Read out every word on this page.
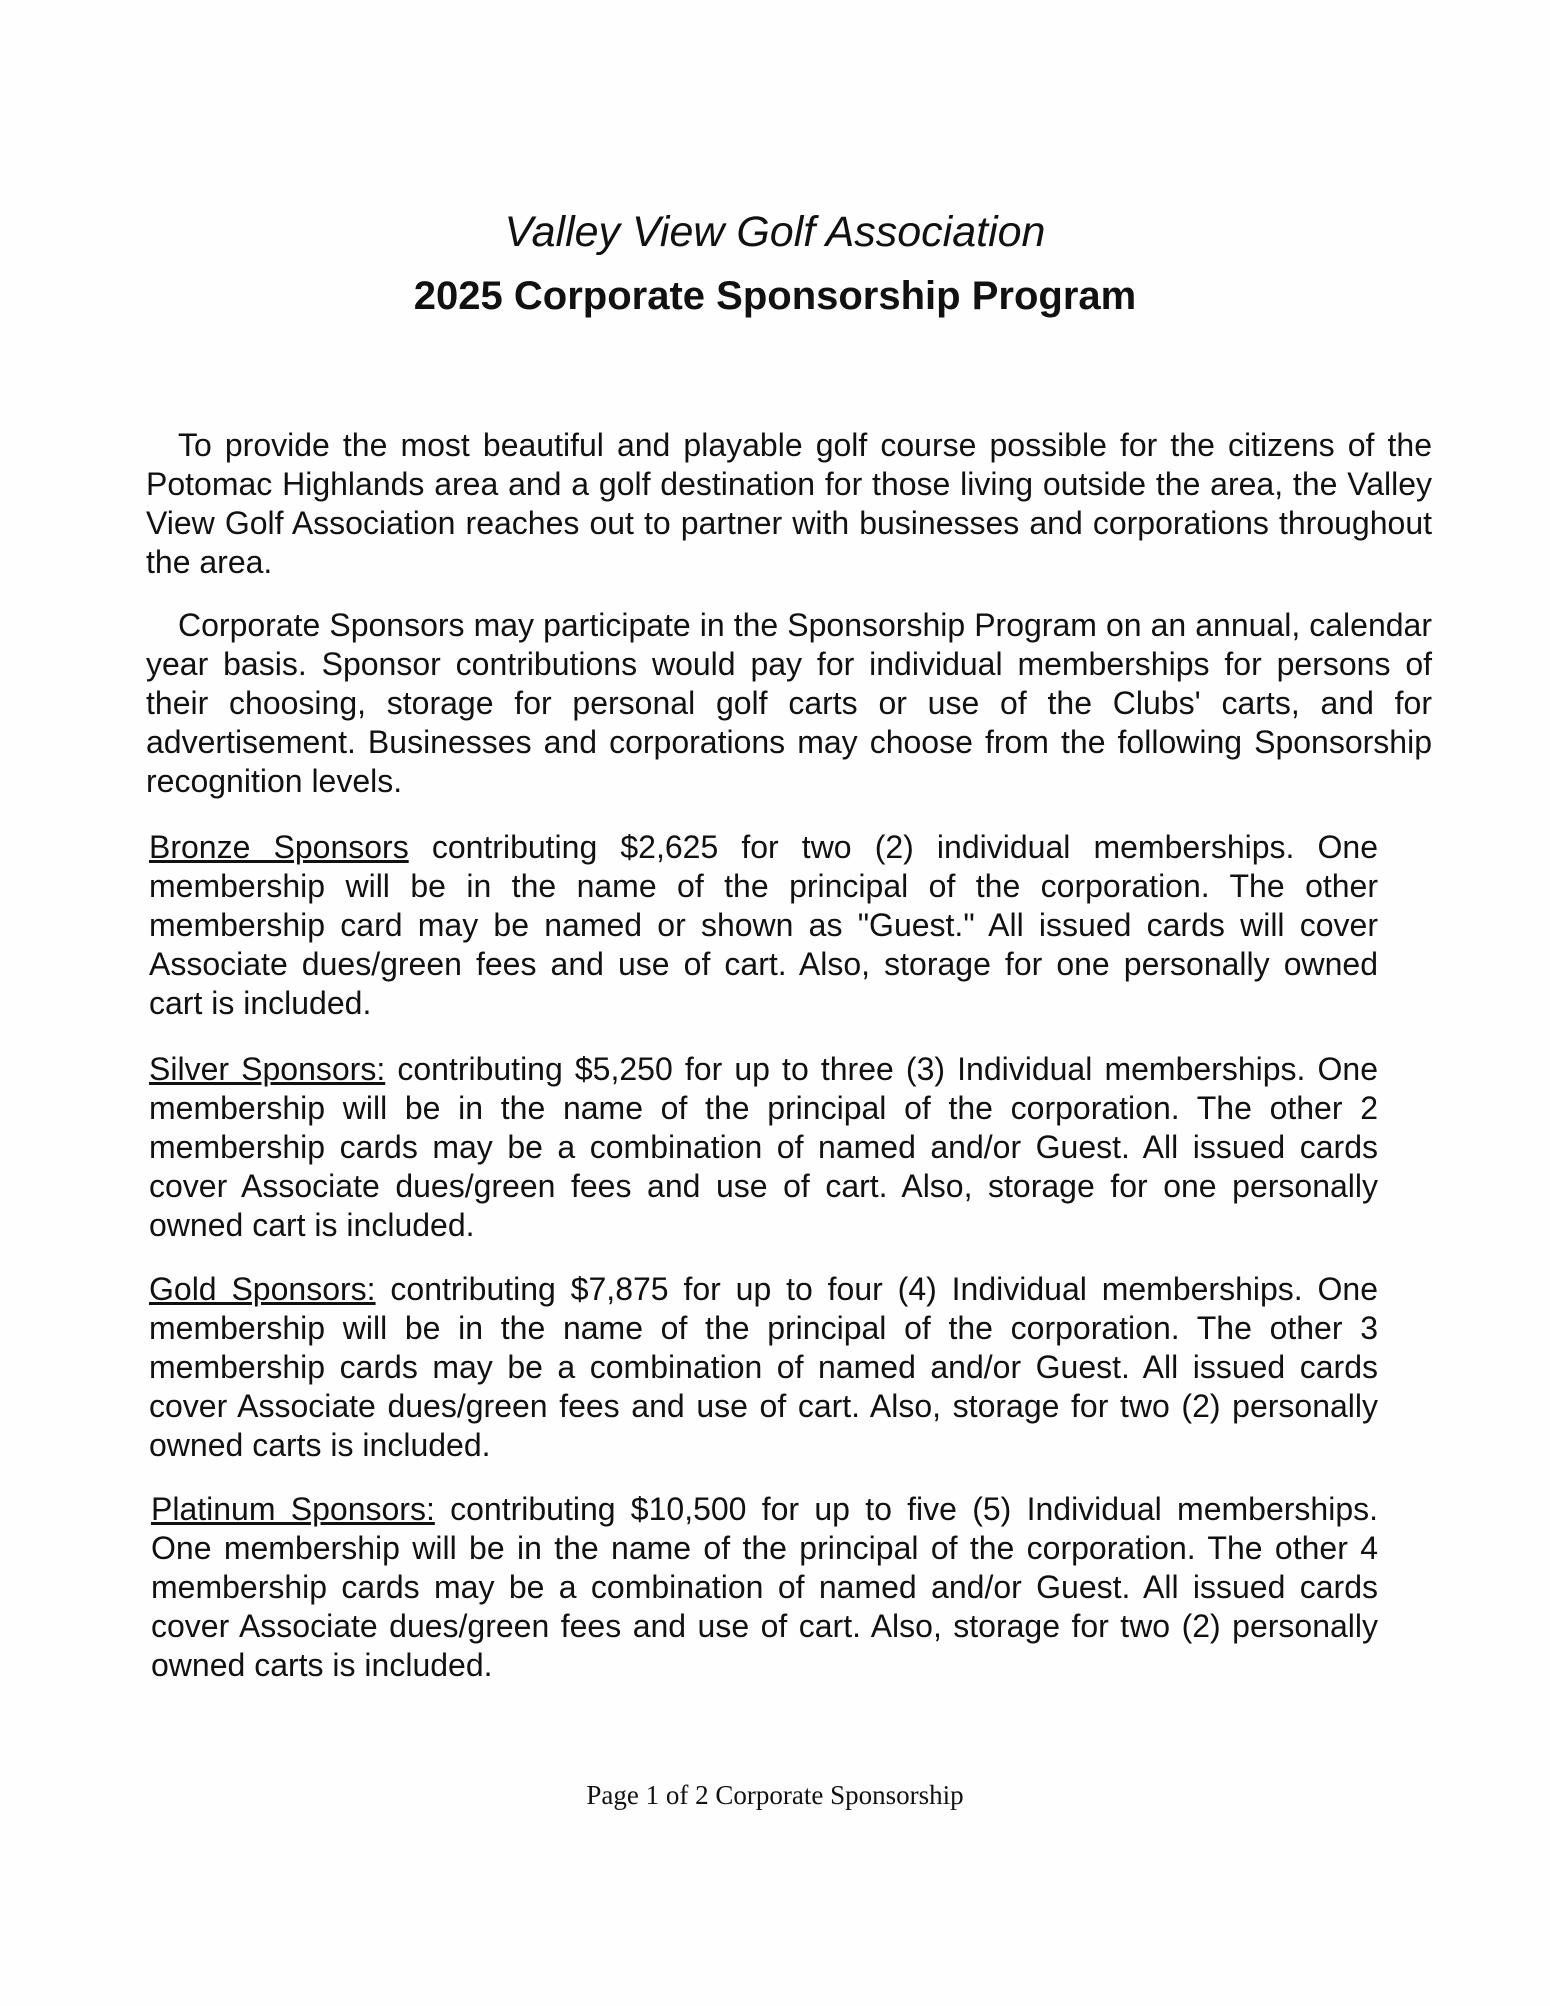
Valley View Golf Association
2025 Corporate Sponsorship Program

To provide the most beautiful and playable golf course possible for the citizens of the Potomac Highlands area and a golf destination for those living outside the area, the Valley View Golf Association reaches out to partner with businesses and corporations throughout the area.

Corporate Sponsors may participate in the Sponsorship Program on an annual, calendar year basis. Sponsor contributions would pay for individual memberships for persons of their choosing, storage for personal golf carts or use of the Clubs' carts, and for advertisement. Businesses and corporations may choose from the following Sponsorship recognition levels.

Bronze Sponsors contributing $2,625 for two (2) individual memberships. One membership will be in the name of the principal of the corporation. The other membership card may be named or shown as "Guest." All issued cards will cover Associate dues/green fees and use of cart. Also, storage for one personally owned cart is included.

Silver Sponsors: contributing $5,250 for up to three (3) Individual memberships. One membership will be in the name of the principal of the corporation. The other 2 membership cards may be a combination of named and/or Guest. All issued cards cover Associate dues/green fees and use of cart. Also, storage for one personally owned cart is included.

Gold Sponsors: contributing $7,875 for up to four (4) Individual memberships. One membership will be in the name of the principal of the corporation. The other 3 membership cards may be a combination of named and/or Guest. All issued cards cover Associate dues/green fees and use of cart. Also, storage for two (2) personally owned carts is included.

Platinum Sponsors: contributing $10,500 for up to five (5) Individual memberships. One membership will be in the name of the principal of the corporation. The other 4 membership cards may be a combination of named and/or Guest. All issued cards cover Associate dues/green fees and use of cart. Also, storage for two (2) personally owned carts is included.

Page 1 of 2 Corporate Sponsorship
